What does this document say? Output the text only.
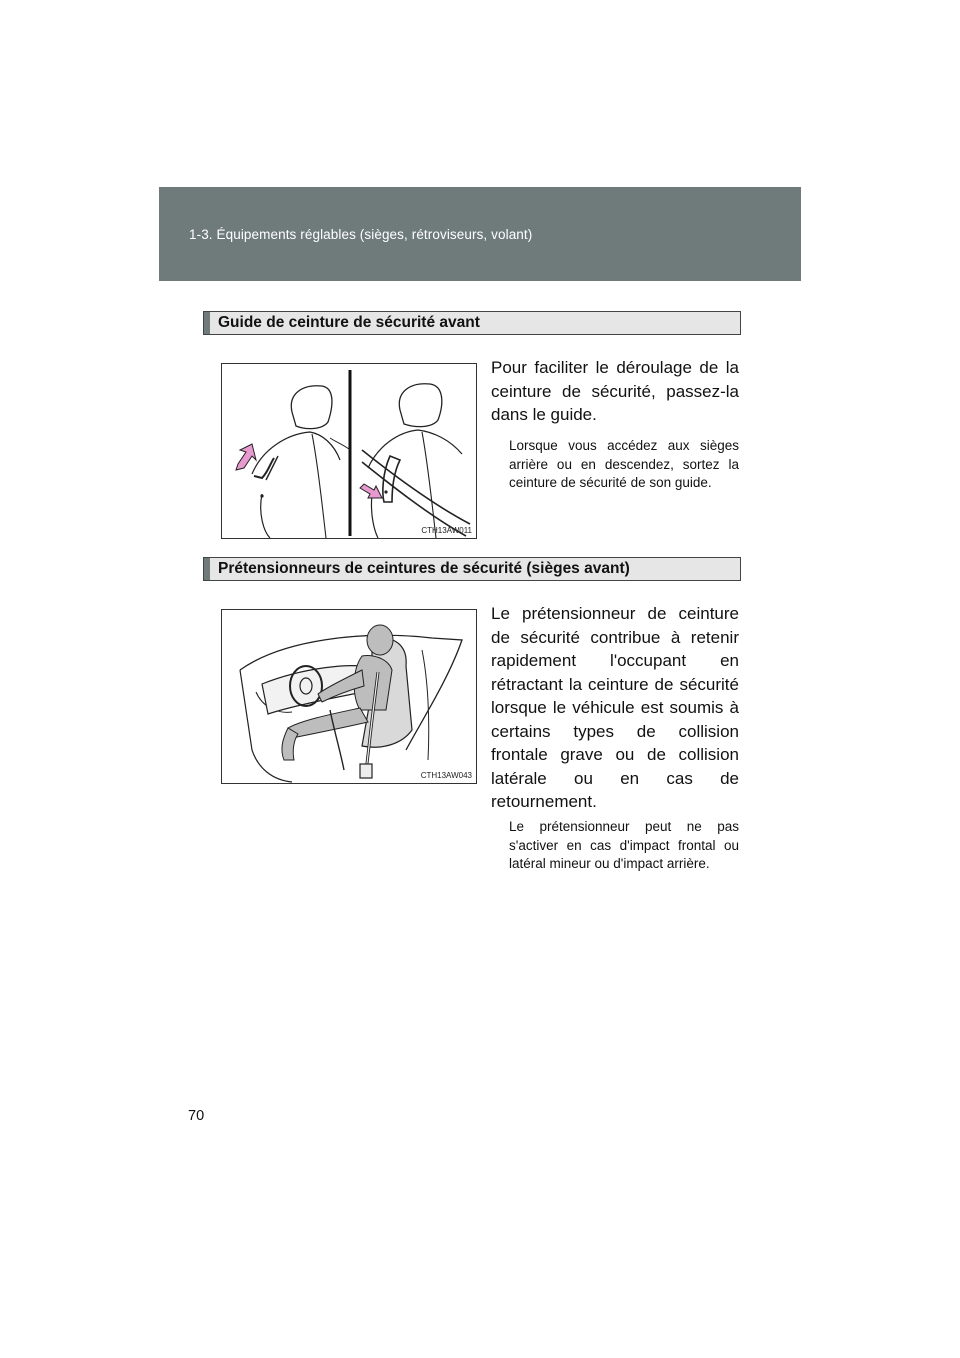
1-3. Équipements réglables (sièges, rétroviseurs, volant)
Guide de ceinture de sécurité avant
CTH13AW011

Pour faciliter le déroulage de la ceinture de sécurité, passez-la dans le guide.

Lorsque vous accédez aux sièges arrière ou en descendez, sortez la ceinture de sécurité de son guide.

Prétensionneurs de ceintures de sécurité (sièges avant)
CTH13AW043

Le prétensionneur de ceinture de sécurité contribue à retenir rapidement l'occupant en rétractant la ceinture de sécurité lorsque le véhicule est soumis à certains types de collision frontale grave ou de collision latérale ou en cas de retournement.

Le prétensionneur peut ne pas s'activer en cas d'impact frontal ou latéral mineur ou d'impact arrière.

70
